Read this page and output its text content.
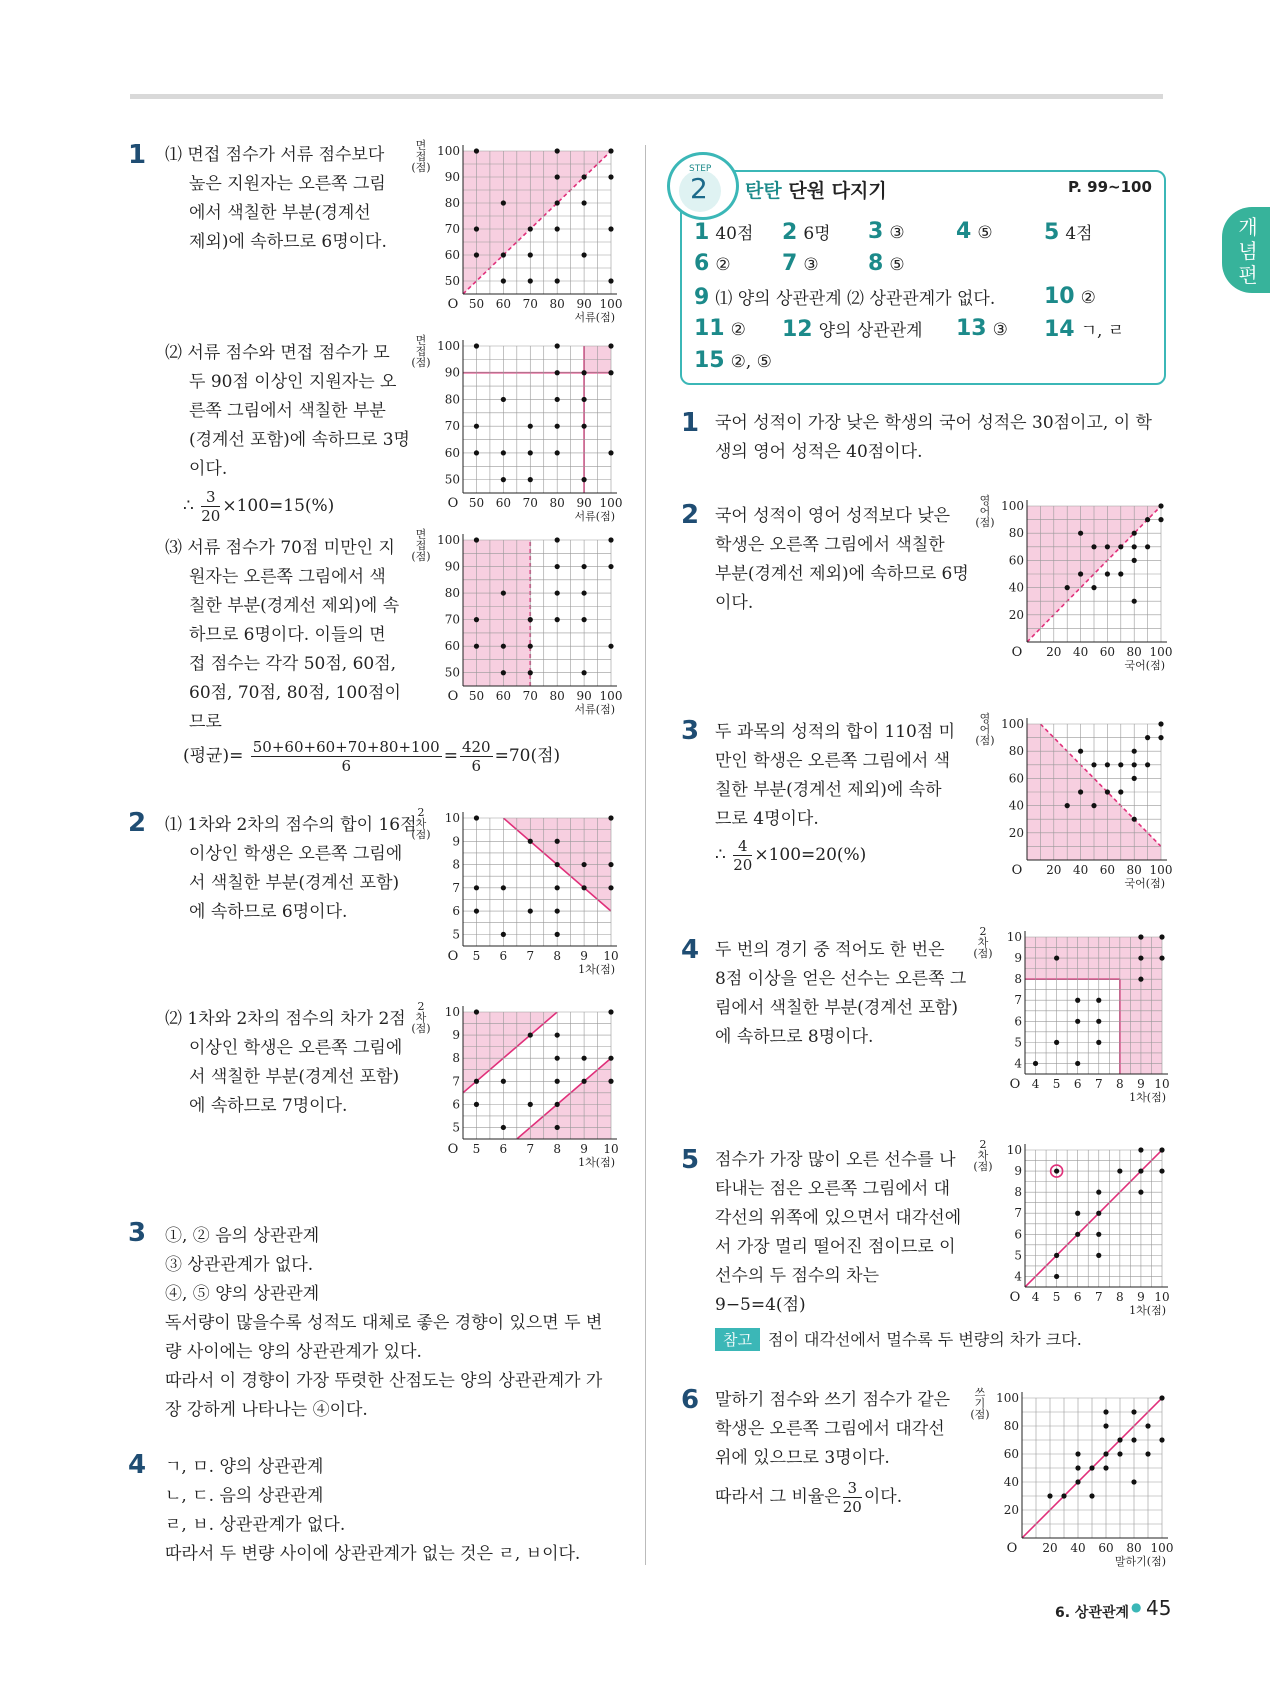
개
념
편
1 ⑴ 면접 점수가 서류 점수보다
높은 지원자는 오른쪽 그림
에서 색칠한 부분(경계선
제외)에 속하므로 6명이다.
⑵ 서류 점수와 면접 점수가 모
두 90점 이상인 지원자는 오
른쪽 그림에서 색칠한 부분
(경계선 포함)에 속하므로 3명
이다.
∴ $\frac{3}{20} \times 100=15(\%)$
⑶ 서류 점수가 70점 미만인 지
원자는 오른쪽 그림에서 색
칠한 부분(경계선 제외)에 속
하므로 6명이다. 이들의 면
접 점수는 각각 50점, 60점,
60점, 70점, 80점, 100점이
므로
(평균)= $\frac{50+60+60+70+80+100}{6} = \frac{420}{6} =70$(점)
2 ⑴ 1차와 2차의 점수의 합이 16점
이상인 학생은 오른쪽 그림에
서 색칠한 부분(경계선 포함)
에 속하므로 6명이다.
⑵ 1차와 2차의 점수의 차가 2점
이상인 학생은 오른쪽 그림에
서 색칠한 부분(경계선 포함)
에 속하므로 7명이다.
3 ①, ② 음의 상관관계
③ 상관관계가 없다.
④, ⑤ 양의 상관관계
독서량이 많을수록 성적도 대체로 좋은 경향이 있으면 두 변
량 사이에는 양의 상관관계가 있다.
따라서 이 경향이 가장 뚜렷한 산점도는 양의 상관관계가 가
장 강하게 나타나는 ④이다.
4 ㄱ, ㅁ. 양의 상관관계
ㄴ, ㄷ. 음의 상관관계
ㄹ, ㅂ. 상관관계가 없다.
따라서 두 변량 사이에 상관관계가 없는 것은 ㄹ, ㅂ이다.
STEP
2 탄탄 단원 다지기	P. 99~100
1 40점 2 6명 3 ③ 4 ⑤ 5 4점
6 ② 7 ③ 8 ⑤
9 ⑴ 양의 상관관계 ⑵ 상관관계가 없다. 10 ②
11 ② 12 양의 상관관계 13 ③ 14 ㄱ, ㄹ
15 ②, ⑤
1 국어 성적이 가장 낮은 학생의 국어 성적은 30점이고, 이 학
생의 영어 성적은 40점이다.
2 국어 성적이 영어 성적보다 낮은
학생은 오른쪽 그림에서 색칠한
부분(경계선 제외)에 속하므로 6명
이다.
3 두 과목의 성적의 합이 110점 미
만인 학생은 오른쪽 그림에서 색
칠한 부분(경계선 제외)에 속하
므로 4명이다.
∴ $\frac{4}{20} \times 100=20(\%)$
4 두 번의 경기 중 적어도 한 번은
8점 이상을 얻은 선수는 오른쪽 그
림에서 색칠한 부분(경계선 포함)
에 속하므로 8명이다.
5 점수가 가장 많이 오른 선수를 나
타내는 점은 오른쪽 그림에서 대
각선의 위쪽에 있으면서 대각선에
서 가장 멀리 떨어진 점이므로 이
선수의 두 점수의 차는
9−5=4(점)
참고 점이 대각선에서 멀수록 두 변량의 차가 크다.
6 말하기 점수와 쓰기 점수가 같은
학생은 오른쪽 그림에서 대각선
위에 있으므로 3명이다.
따라서 그 비율은 $\frac{3}{20}$ 이다.
6. 상관관계 ● 45
50 60 70 80 90 100
50
60
70
80
90
100
O
서류(점)
면 접 (점)
50 60 70 80 90 100
50
60
70
80
90
100
O
서류(점)
면 접 (점)
50 60 70 80 90 100
50
60
70
80
90
100
O
서류(점)
면 접 (점)
5 6 7 8 9 10
5
6
7
8
9
10
O
1차(점)
2 차 (점)
5 6 7 8 9 10
5
6
7
8
9
10
O
1차(점)
2 차 (점)
20 40 60 80 100
20
40
60
80
100
O
국어(점)
영 어 (점)
20 40 60 80 100
20
40
60
80
100
O
국어(점)
영 어 (점)
4 5 6 7 8 9 10
4
5
6
7
8
9
10
O
1차(점)
2 차 (점)
4 5 6 7 8 9 10
4
5
6
7
8
9
10
O
1차(점)
2 차 (점)
20 40 60 80 100
20
40
60
80
100
O
말하기(점)
쓰 기 (점)
